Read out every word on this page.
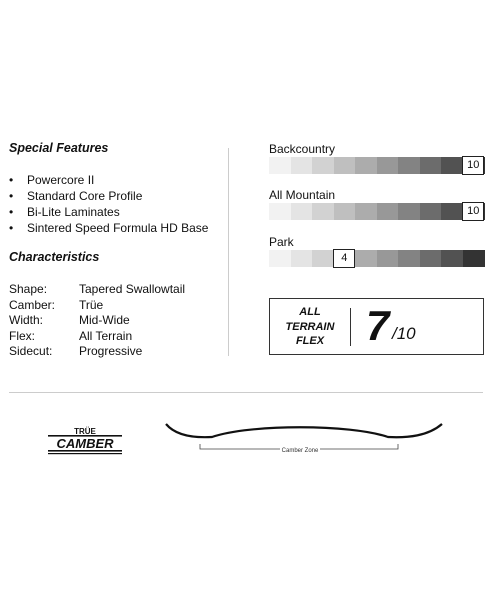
Special Features
• Powercore II
• Standard Core Profile
• Bi-Lite Laminates
• Sintered Speed Formula HD Base
Characteristics
Shape:	Tapered Swallowtail
Camber: Trüe
Width:	Mid-Wide
Flex:	All Terrain
Sidecut: Progressive
Backcountry
10
All Mountain
10
Park
4
ALL
TERRAIN
FLEX 7 /10
TRÜE
CAMBER	Camber Zone
